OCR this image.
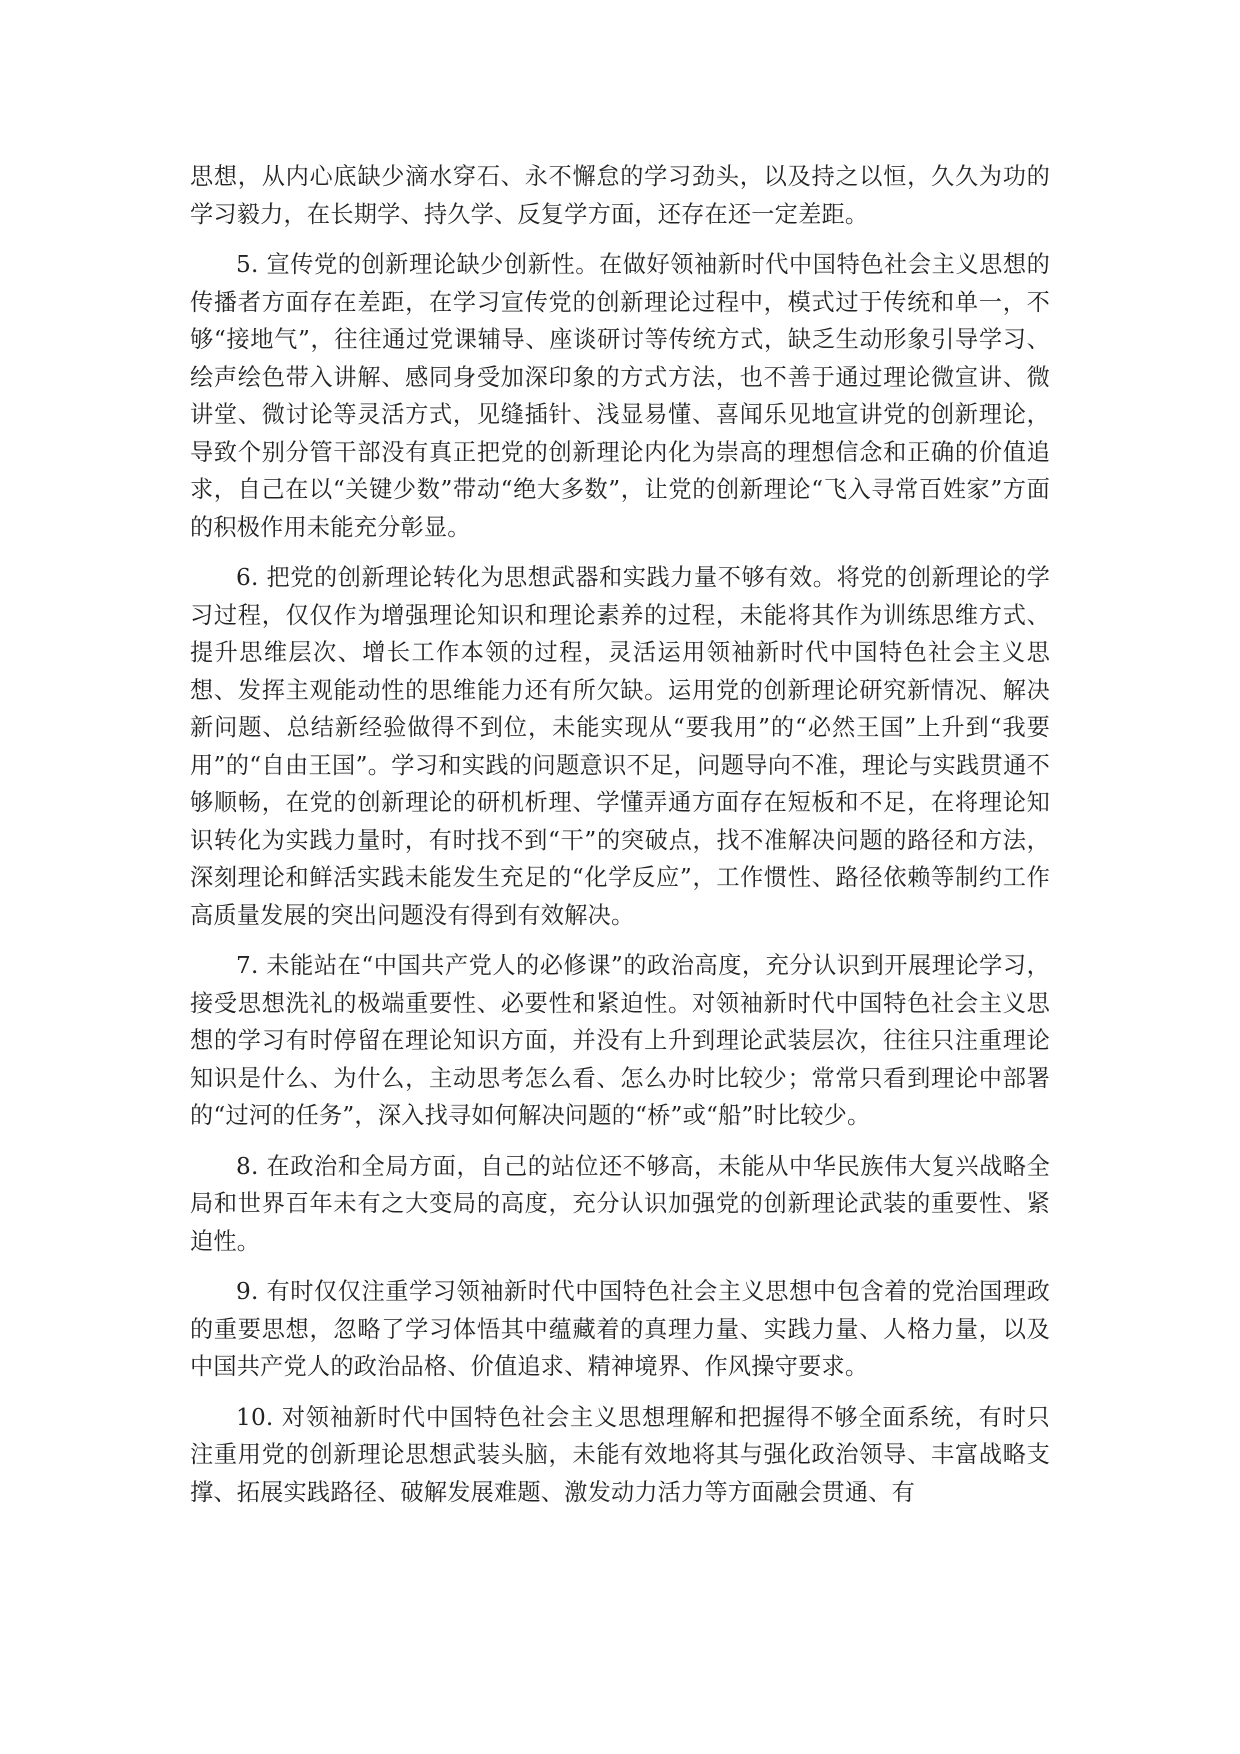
思想，从内心底缺少滴水穿石、永不懈怠的学习劲头，以及持之以恒，久久为功的学习毅力，在长期学、持久学、反复学方面，还存在还一定差距。

5. 宣传党的创新理论缺少创新性。在做好领袖新时代中国特色社会主义思想的传播者方面存在差距，在学习宣传党的创新理论过程中，模式过于传统和单一，不够“接地气”，往往通过党课辅导、座谈研讨等传统方式，缺乏生动形象引导学习、绘声绘色带入讲解、感同身受加深印象的方式方法，也不善于通过理论微宣讲、微讲堂、微讨论等灵活方式，见缝插针、浅显易懂、喜闻乐见地宣讲党的创新理论，导致个别分管干部没有真正把党的创新理论内化为崇高的理想信念和正确的价值追求，自己在以“关键少数”带动“绝大多数”，让党的创新理论“飞入寻常百姓家”方面的积极作用未能充分彰显。

6. 把党的创新理论转化为思想武器和实践力量不够有效。将党的创新理论的学习过程，仅仅作为增强理论知识和理论素养的过程，未能将其作为训练思维方式、提升思维层次、增长工作本领的过程，灵活运用领袖新时代中国特色社会主义思想、发挥主观能动性的思维能力还有所欠缺。运用党的创新理论研究新情况、解决新问题、总结新经验做得不到位，未能实现从“要我用”的“必然王国”上升到“我要用”的“自由王国”。学习和实践的问题意识不足，问题导向不准，理论与实践贯通不够顺畅，在党的创新理论的研机析理、学懂弄通方面存在短板和不足，在将理论知识转化为实践力量时，有时找不到“干”的突破点，找不准解决问题的路径和方法，深刻理论和鲜活实践未能发生充足的“化学反应”，工作惯性、路径依赖等制约工作高质量发展的突出问题没有得到有效解决。

7. 未能站在“中国共产党人的必修课”的政治高度，充分认识到开展理论学习，接受思想洗礼的极端重要性、必要性和紧迫性。对领袖新时代中国特色社会主义思想的学习有时停留在理论知识方面，并没有上升到理论武装层次，往往只注重理论知识是什么、为什么，主动思考怎么看、怎么办时比较少；常常只看到理论中部署的“过河的任务”，深入找寻如何解决问题的“桥”或“船”时比较少。

8. 在政治和全局方面，自己的站位还不够高，未能从中华民族伟大复兴战略全局和世界百年未有之大变局的高度，充分认识加强党的创新理论武装的重要性、紧迫性。

9. 有时仅仅注重学习领袖新时代中国特色社会主义思想中包含着的党治国理政的重要思想，忽略了学习体悟其中蕴藏着的真理力量、实践力量、人格力量，以及中国共产党人的政治品格、价值追求、精神境界、作风操守要求。

10. 对领袖新时代中国特色社会主义思想理解和把握得不够全面系统，有时只注重用党的创新理论思想武装头脑，未能有效地将其与强化政治领导、丰富战略支撑、拓展实践路径、破解发展难题、激发动力活力等方面融会贯通、有
